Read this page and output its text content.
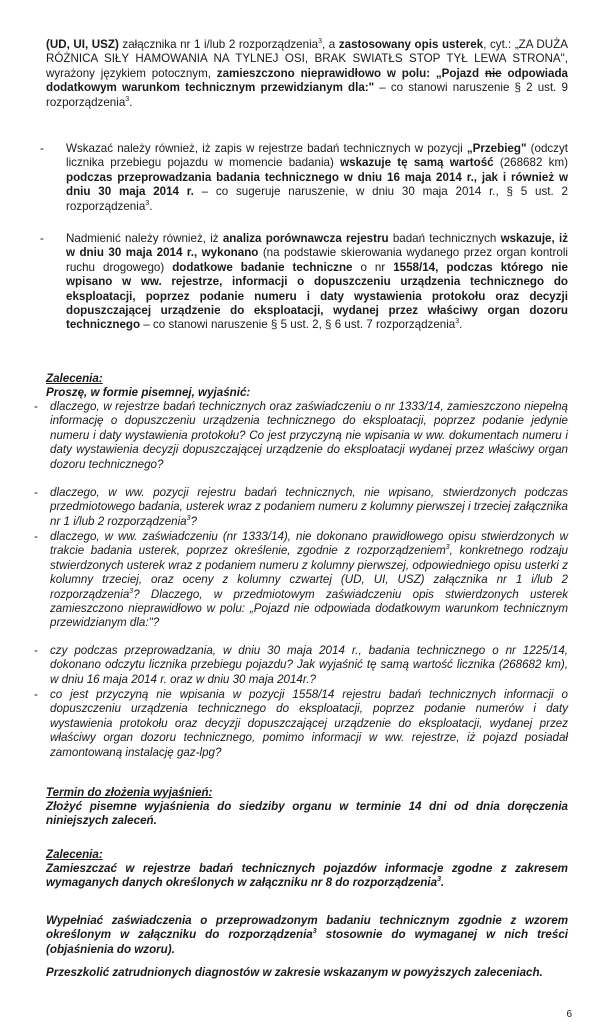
(UD, UI, USZ) załącznika nr 1 i/lub 2 rozporządzenia$^3$, a zastosowany opis usterek, cyt.: „ZA DUŻA RÓŻNICA SIŁY HAMOWANIA NA TYLNEJ OSI, BRAK SWIATŁS STOP TYŁ LEWA STRONA", wyrażony językiem potocznym, zamieszczono nieprawidłowo w polu: „Pojazd nie odpowiada dodatkowym warunkom technicznym przewidzianym dla:" – co stanowi naruszenie § 2 ust. 9 rozporządzenia$^3$.

-	Wskazać należy również, iż zapis w rejestrze badań technicznych w pozycji „Przebieg" (odczyt licznika przebiegu pojazdu w momencie badania) wskazuje tę samą wartość (268682 km) podczas przeprowadzania badania technicznego w dniu 16 maja 2014 r., jak i również w dniu 30 maja 2014 r. – co sugeruje naruszenie, w dniu 30 maja 2014 r., § 5 ust. 2 rozporządzenia$^3$.

-	Nadmienić należy również, iż analiza porównawcza rejestru badań technicznych wskazuje, iż w dniu 30 maja 2014 r., wykonano (na podstawie skierowania wydanego przez organ kontroli ruchu drogowego) dodatkowe badanie techniczne o nr 1558/14, podczas którego nie wpisano w ww. rejestrze, informacji o dopuszczeniu urządzenia technicznego do eksploatacji, poprzez podanie numeru i daty wystawienia protokołu oraz decyzji dopuszczającej urządzenie do eksploatacji, wydanej przez właściwy organ dozoru technicznego – co stanowi naruszenie § 5 ust. 2, § 6 ust. 7 rozporządzenia$^3$.

Zalecenia:

Proszę, w formie pisemnej, wyjaśnić:

- dlaczego, w rejestrze badań technicznych oraz zaświadczeniu o nr 1333/14, zamieszczono niepełną informację o dopuszczeniu urządzenia technicznego do eksploatacji, poprzez podanie jedynie numeru i daty wystawienia protokołu? Co jest przyczyną nie wpisania w ww. dokumentach numeru i daty wystawienia decyzji dopuszczającej urządzenie do eksploatacji wydanej przez właściwy organ dozoru technicznego?

- dlaczego, w ww. pozycji rejestru badań technicznych, nie wpisano, stwierdzonych podczas przedmiotowego badania, usterek wraz z podaniem numeru z kolumny pierwszej i trzeciej załącznika nr 1 i/lub 2 rozporządzenia$^3$?

- dlaczego, w ww. zaświadczeniu (nr 1333/14), nie dokonano prawidłowego opisu stwierdzonych w trakcie badania usterek, poprzez określenie, zgodnie z rozporządzeniem$^3$, konkretnego rodzaju stwierdzonych usterek wraz z podaniem numeru z kolumny pierwszej, odpowiedniego opisu usterki z kolumny trzeciej, oraz oceny z kolumny czwartej (UD, UI, USZ) załącznika nr 1 i/lub 2 rozporządzenia$^3$? Dlaczego, w przedmiotowym zaświadczeniu opis stwierdzonych usterek zamieszczono nieprawidłowo w polu: „Pojazd nie odpowiada dodatkowym warunkom technicznym przewidzianym dla:"?

- czy podczas przeprowadzania, w dniu 30 maja 2014 r., badania technicznego o nr 1225/14, dokonano odczytu licznika przebiegu pojazdu? Jak wyjaśnić tę samą wartość licznika (268682 km), w dniu 16 maja 2014 r. oraz w dniu 30 maja 2014r.?

- co jest przyczyną nie wpisania w pozycji 1558/14 rejestru badań technicznych informacji o dopuszczeniu urządzenia technicznego do eksploatacji, poprzez podanie numerów i daty wystawienia protokołu oraz decyzji dopuszczającej urządzenie do eksploatacji, wydanej przez właściwy organ dozoru technicznego, pomimo informacji w ww. rejestrze, iż pojazd posiadał zamontowaną instalację gaz-lpg?

Termin do złożenia wyjaśnień:

Złożyć pisemne wyjaśnienia do siedziby organu w terminie 14 dni od dnia doręczenia niniejszych zaleceń.

Zalecenia:

Zamieszczać w rejestrze badań technicznych pojazdów informacje zgodne z zakresem wymaganych danych określonych w załączniku nr 8 do rozporządzenia$^3$.

Wypełniać zaświadczenia o przeprowadzonym badaniu technicznym zgodnie z wzorem określonym w załączniku do rozporządzenia$^3$ stosownie do wymaganej w nich treści (objaśnienia do wzoru).

Przeszkolić zatrudnionych diagnostów w zakresie wskazanym w powyższych zaleceniach.

6
